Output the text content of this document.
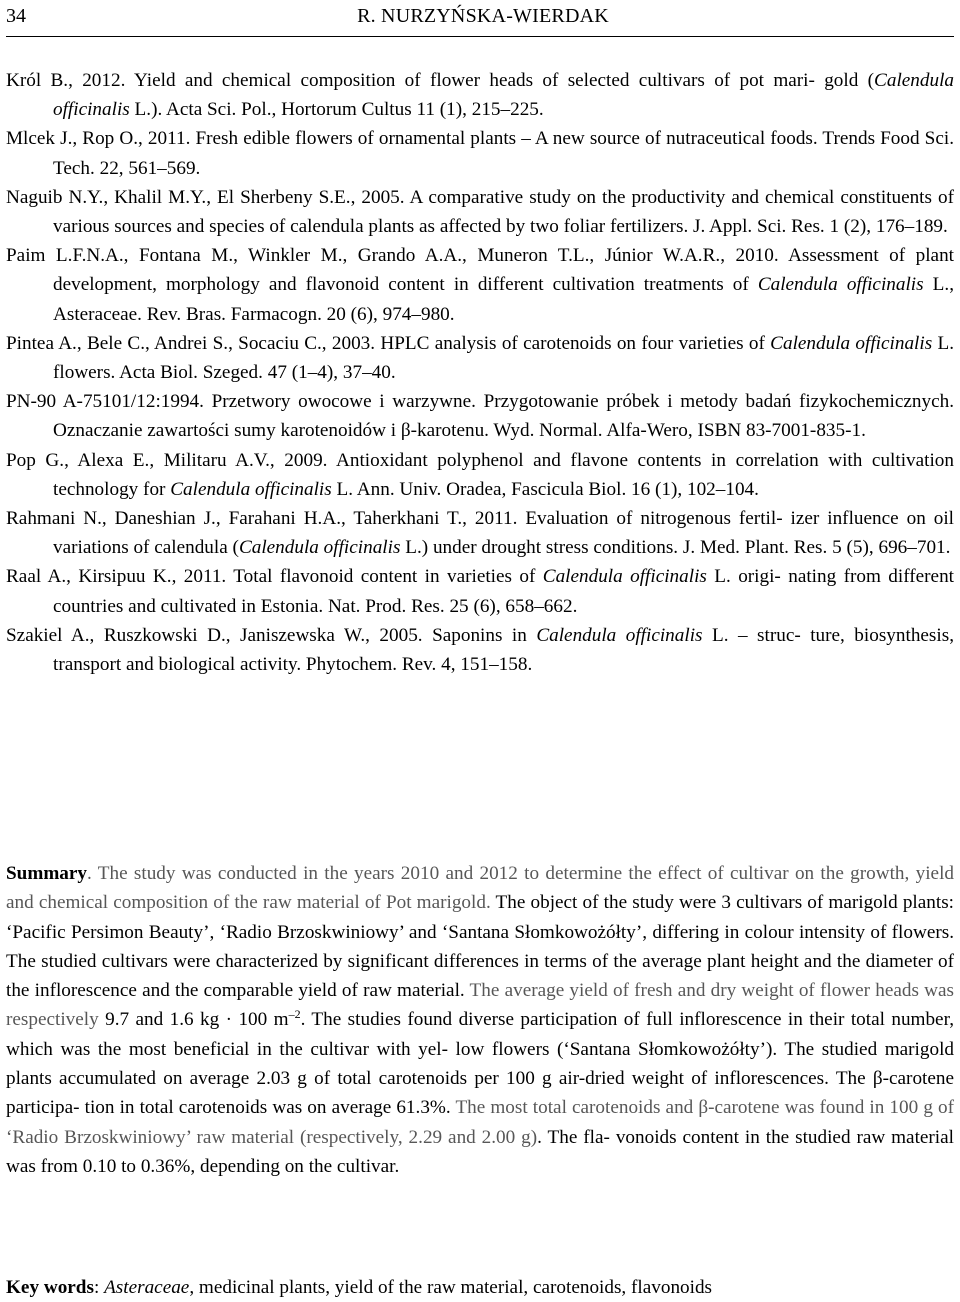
34	R. NURZYŃSKA-WIERDAK

Król B., 2012. Yield and chemical composition of flower heads of selected cultivars of pot mari- gold (Calendula officinalis L.). Acta Sci. Pol., Hortorum Cultus 11 (1), 215‒225.

Mlcek J., Rop O., 2011. Fresh edible flowers of ornamental plants – A new source of nutraceutical foods. Trends Food Sci. Tech. 22, 561‒569.

Naguib N.Y., Khalil M.Y., El Sherbeny S.E., 2005. A comparative study on the productivity and chemical constituents of various sources and species of calendula plants as affected by two foliar fertilizers. J. Appl. Sci. Res. 1 (2), 176‒189.

Paim L.F.N.A., Fontana M., Winkler M., Grando A.A., Muneron T.L., Júnior W.A.R., 2010. Assessment of plant development, morphology and flavonoid content in different cultivation treatments of Calendula officinalis L., Asteraceae. Rev. Bras. Farmacogn. 20 (6), 974‒980.

Pintea A., Bele C., Andrei S., Socaciu C., 2003. HPLC analysis of carotenoids on four varieties of Calendula officinalis L. flowers. Acta Biol. Szeged. 47 (1‒4), 37‒40.

PN-90 A-75101/12:1994. Przetwory owocowe i warzywne. Przygotowanie próbek i metody badań fizykochemicznych. Oznaczanie zawartości sumy karotenoidów i β-karotenu. Wyd. Normal. Alfa-Wero, ISBN 83-7001-835-1.

Pop G., Alexa E., Militaru A.V., 2009. Antioxidant polyphenol and flavone contents in correlation with cultivation technology for Calendula officinalis L. Ann. Univ. Oradea, Fascicula Biol. 16 (1), 102‒104.

Rahmani N., Daneshian J., Farahani H.A., Taherkhani T., 2011. Evaluation of nitrogenous fertil- izer influence on oil variations of calendula (Calendula officinalis L.) under drought stress conditions. J. Med. Plant. Res. 5 (5), 696‒701.

Raal A., Kirsipuu K., 2011. Total flavonoid content in varieties of Calendula officinalis L. origi- nating from different countries and cultivated in Estonia. Nat. Prod. Res. 25 (6), 658‒662.

Szakiel A., Ruszkowski D., Janiszewska W., 2005. Saponins in Calendula officinalis L. – struc- ture, biosynthesis, transport and biological activity. Phytochem. Rev. 4, 151‒158.

Summary. The study was conducted in the years 2010 and 2012 to determine the effect of cultivar on the growth, yield and chemical composition of the raw material of Pot marigold. The object of the study were 3 cultivars of marigold plants: ‘Pacific Persimon Beauty’, ‘Radio Brzoskwiniowy’ and ‘Santana Słomkowożółty’, differing in colour intensity of flowers. The studied cultivars were characterized by significant differences in terms of the average plant height and the diameter of the inflorescence and the comparable yield of raw material. The average yield of fresh and dry weight of flower heads was respectively 9.7 and 1.6 kg · 100 $m^{-2}$. The studies found diverse participation of full inflorescence in their total number, which was the most beneficial in the cultivar with yel- low flowers (‘Santana Słomkowożółty’). The studied marigold plants accumulated on average 2.03 g of total carotenoids per 100 g air-dried weight of inflorescences. The β-carotene participa- tion in total carotenoids was on average 61.3%. The most total carotenoids and β-carotene was found in 100 g of ‘Radio Brzoskwiniowy’ raw material (respectively, 2.29 and 2.00 g). The fla- vonoids content in the studied raw material was from 0.10 to 0.36%, depending on the cultivar.

Key words: Asteraceae, medicinal plants, yield of the raw material, carotenoids, flavonoids
